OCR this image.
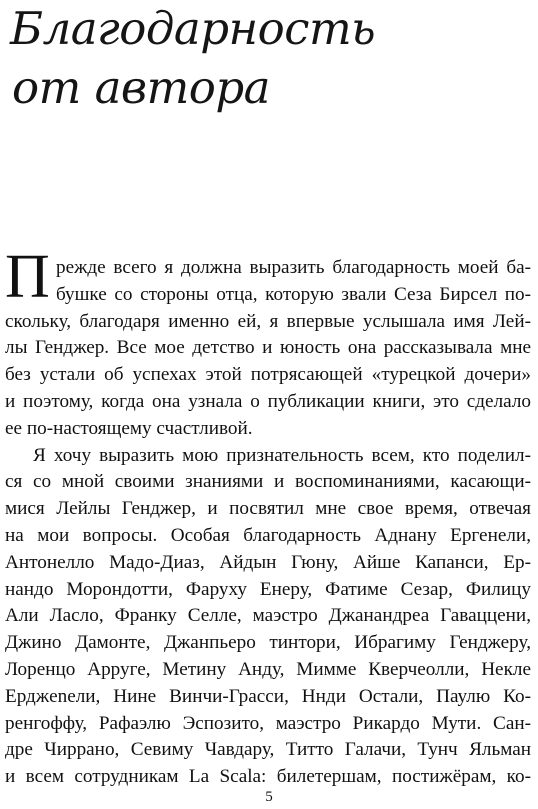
Благодарность
от автора
П режде всего я должна выразить благодарность моей ба-
бушке со стороны отца, которую звали Сеза Бирсел по-
скольку, благодаря именно ей, я впервые услышала имя Лей-
лы Генджер. Все мое детство и юность она рассказывала мне
без устали об успехах этой потрясающей «турецкой дочери»
и поэтому, когда она узнала о публикации книги, это сделало
ее по-настоящему счастливой.
Я хочу выразить мою признательность всем, кто поделил-
ся со мной своими знаниями и воспоминаниями, касающи-
мися Лейлы Генджер, и посвятил мне свое время, отвечая
на мои вопросы. Особая благодарность Аднану Ергенели,
Антонелло Мадо-Диаз, Айдын Гюну, Айше Капанси, Ер-
нандо Морондотти, Фаруху Енеру, Фатиме Сезар, Филицу
Али Ласло, Франку Селле, маэстро Джанандреа Гаваццени,
Джино Дамонте, Джанпьеро тинтори, Ибрагиму Генджеру,
Лоренцо Арруге, Метину Анду, Мимме Кверчеолли, Некле
Ерджenели, Нине Винчи-Грасси, Ннди Остали, Паулю Ко-
ренгоффу, Рафаэлю Эспозито, маэстро Рикардо Мути. Сан-
дре Чиррано, Севиму Чавдару, Титто Галачи, Тунч Яльман
и всем сотрудникам La Scala: билетершам, постижёрам, ко-
5
